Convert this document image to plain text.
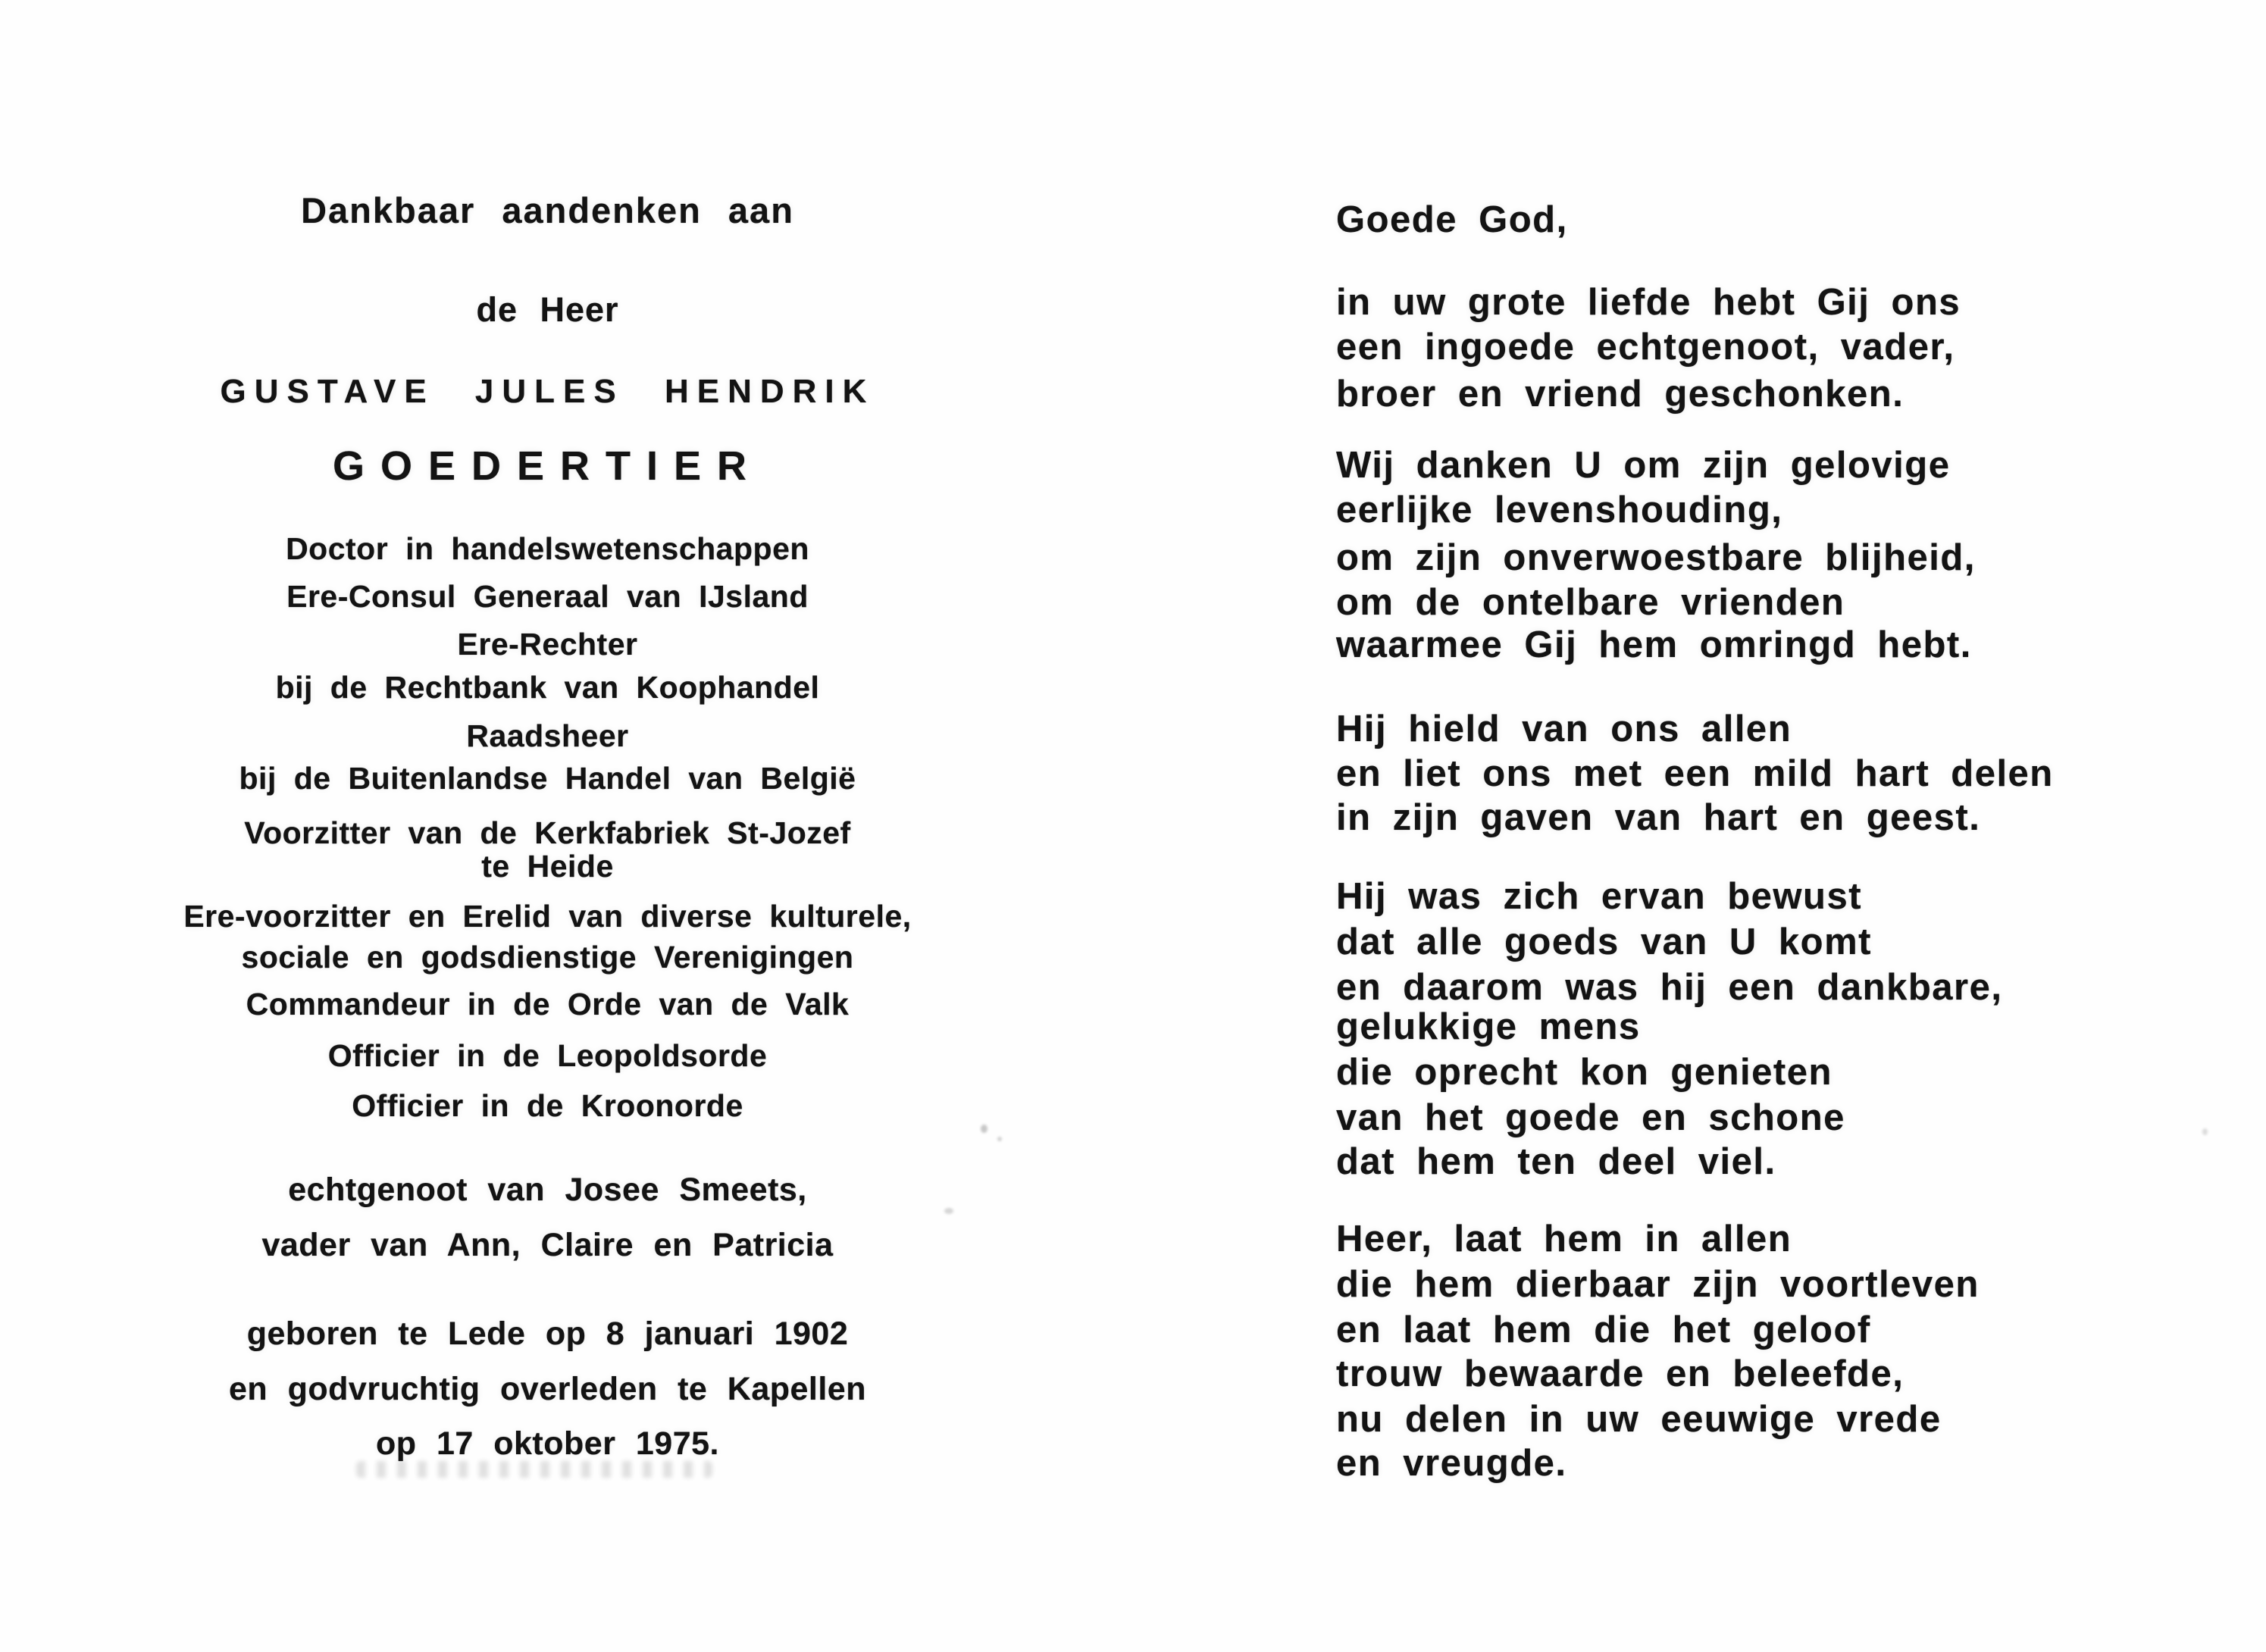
Dankbaar aandenken aan
de Heer
GUSTAVE JULES HENDRIK
GOEDERTIER
Doctor in handelswetenschappen
Ere-Consul Generaal van IJsland
Ere-Rechter
bij de Rechtbank van Koophandel
Raadsheer
bij de Buitenlandse Handel van België
Voorzitter van de Kerkfabriek St-Jozef
te Heide
Ere-voorzitter en Erelid van diverse kulturele,
sociale en godsdienstige Verenigingen
Commandeur in de Orde van de Valk
Officier in de Leopoldsorde
Officier in de Kroonorde
echtgenoot van Josee Smeets,
vader van Ann, Claire en Patricia
geboren te Lede op 8 januari 1902
en godvruchtig overleden te Kapellen
op 17 oktober 1975.
Goede God,
in uw grote liefde hebt Gij ons
een ingoede echtgenoot, vader,
broer en vriend geschonken.
Wij danken U om zijn gelovige
eerlijke levenshouding,
om zijn onverwoestbare blijheid,
om de ontelbare vrienden
waarmee Gij hem omringd hebt.
Hij hield van ons allen
en liet ons met een mild hart delen
in zijn gaven van hart en geest.
Hij was zich ervan bewust
dat alle goeds van U komt
en daarom was hij een dankbare,
gelukkige mens
die oprecht kon genieten
van het goede en schone
dat hem ten deel viel.
Heer, laat hem in allen
die hem dierbaar zijn voortleven
en laat hem die het geloof
trouw bewaarde en beleefde,
nu delen in uw eeuwige vrede
en vreugde.
